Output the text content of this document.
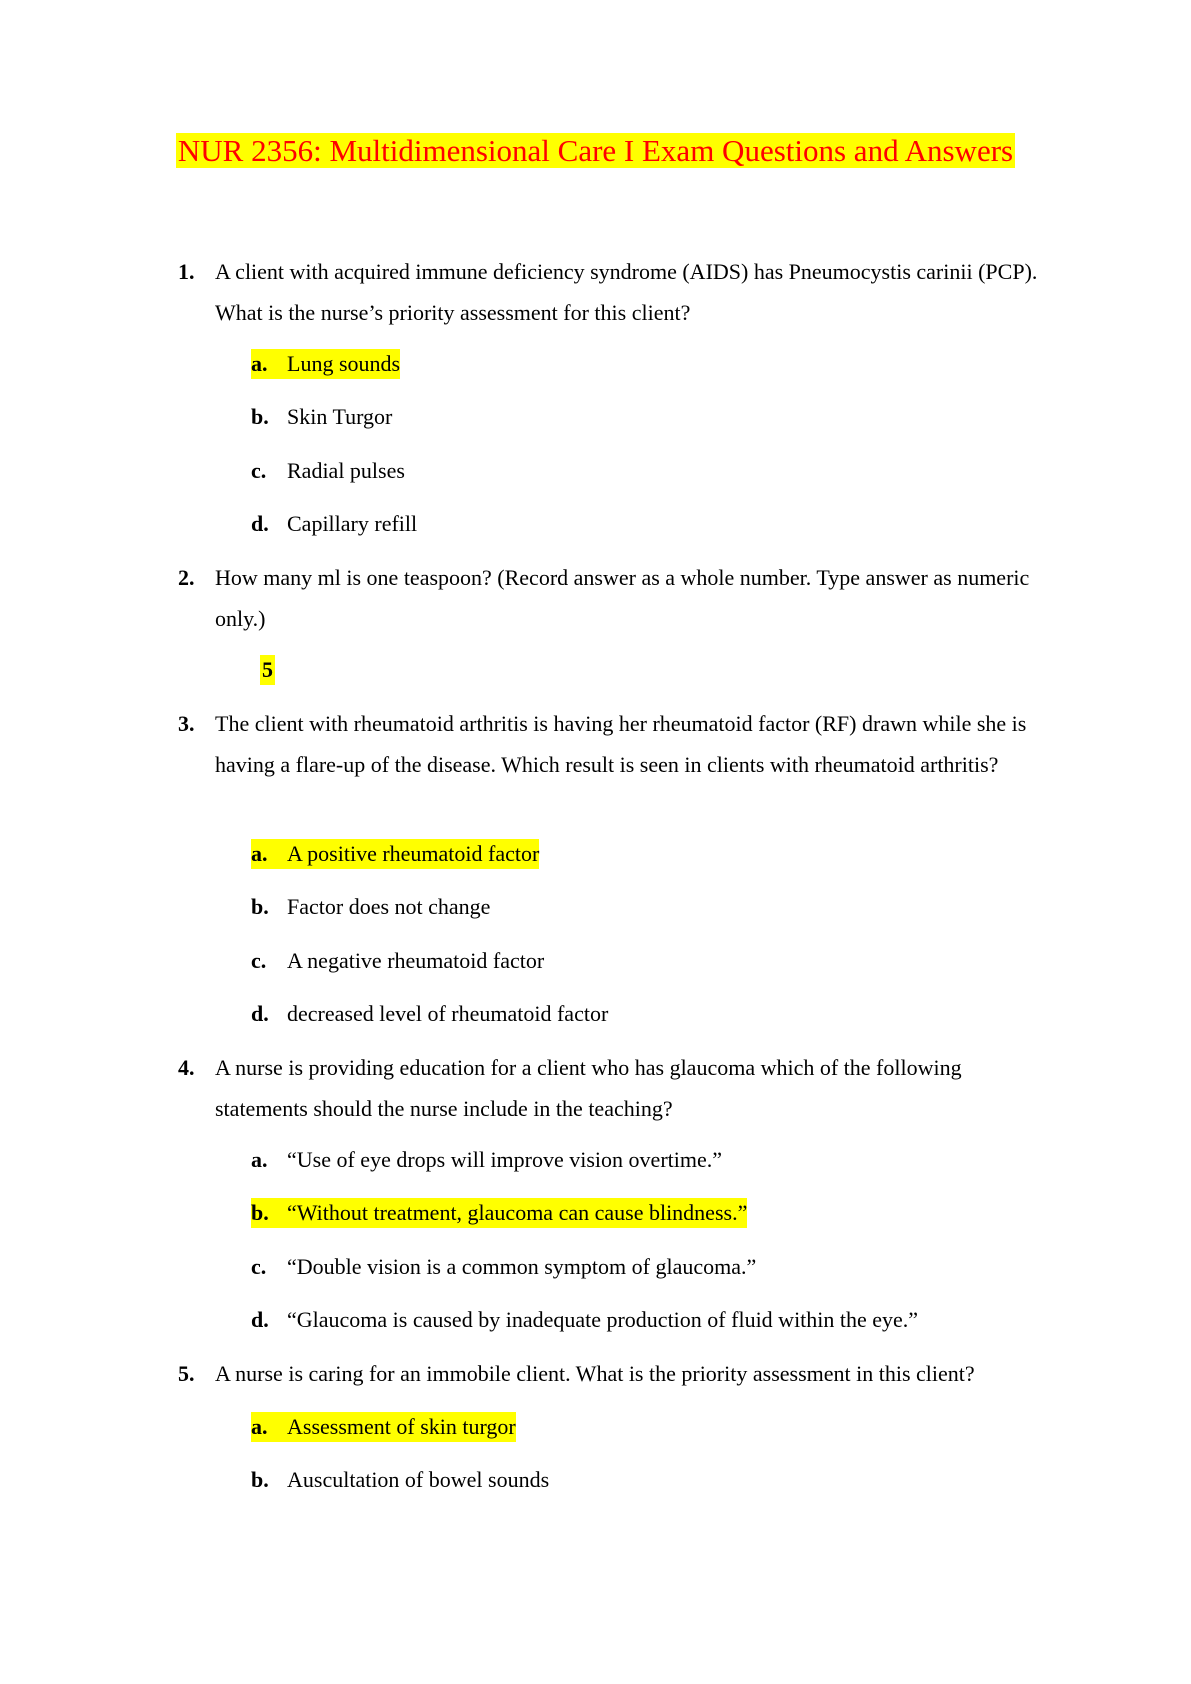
NUR 2356: Multidimensional Care I Exam Questions and Answers
1. A client with acquired immune deficiency syndrome (AIDS) has Pneumocystis carinii (PCP). What is the nurse’s priority assessment for this client?
a. Lung sounds
b. Skin Turgor
c. Radial pulses
d. Capillary refill
2. How many ml is one teaspoon? (Record answer as a whole number. Type answer as numeric only.)
5
3. The client with rheumatoid arthritis is having her rheumatoid factor (RF) drawn while she is having a flare-up of the disease. Which result is seen in clients with rheumatoid arthritis?
a. A positive rheumatoid factor
b. Factor does not change
c. A negative rheumatoid factor
d. decreased level of rheumatoid factor
4. A nurse is providing education for a client who has glaucoma which of the following statements should the nurse include in the teaching?
a. “Use of eye drops will improve vision overtime.”
b. “Without treatment, glaucoma can cause blindness.”
c. “Double vision is a common symptom of glaucoma.”
d. “Glaucoma is caused by inadequate production of fluid within the eye.”
5. A nurse is caring for an immobile client. What is the priority assessment in this client?
a. Assessment of skin turgor
b. Auscultation of bowel sounds
